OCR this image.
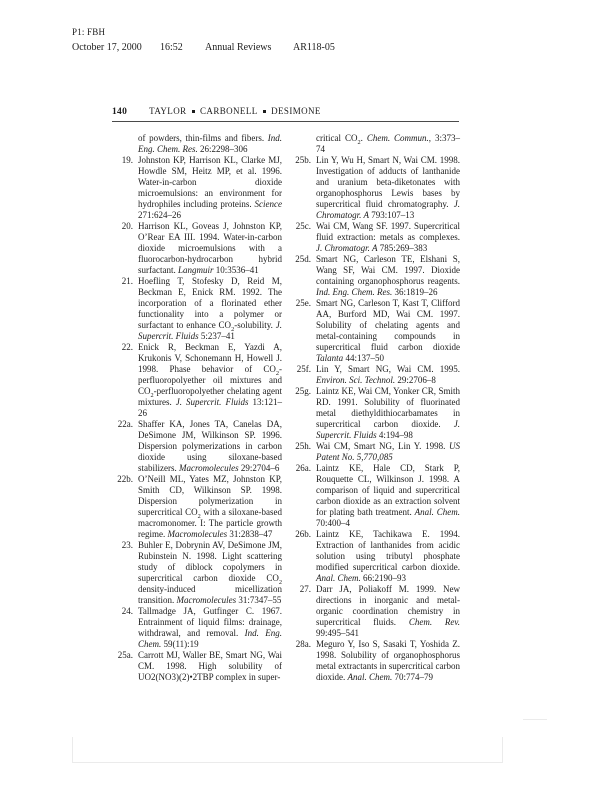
P1: FBH
October 17, 2000 16:52 Annual Reviews AR118-05
140 TAYLOR CARBONELL DESIMONE
of powders, thin-films and fibers. Ind. Eng. Chem. Res. 26:2298–306
19. Johnston KP, Harrison KL, Clarke MJ, Howdle SM, Heitz MP, et al. 1996. Water-in-carbon dioxide microemulsions: an environment for hydrophiles including proteins. Science 271:624–26
20. Harrison KL, Goveas J, Johnston KP, O’Rear EA III. 1994. Water-in-carbon dioxide microemulsions with a fluorocarbon-hydrocarbon hybrid surfactant. Langmuir 10:3536–41
21. Hoefling T, Stofesky D, Reid M, Beckman E, Enick RM. 1992. The incorporation of a florinated ether functionality into a polymer or surfactant to enhance $CO_2$-solubility. J. Supercrit. Fluids 5:237–41
22. Enick R, Beckman E, Yazdi A, Krukonis V, Schonemann H, Howell J. 1998. Phase behavior of $CO_2$-perfluoropolyether oil mixtures and $CO_2$-perfluoropolyether chelating agent mixtures. J. Supercrit. Fluids 13:121–26
22a. Shaffer KA, Jones TA, Canelas DA, DeSimone JM, Wilkinson SP. 1996. Dispersion polymerizations in carbon dioxide using siloxane-based stabilizers. Macromolecules 29:2704–6
22b. O’Neill ML, Yates MZ, Johnston KP, Smith CD, Wilkinson SP. 1998. Dispersion polymerization in supercritical $CO_2$ with a siloxane-based macromonomer. I: The particle growth regime. Macromolecules 31:2838–47
23. Buhler E, Dobrynin AV, DeSimone JM, Rubinstein N. 1998. Light scattering study of diblock copolymers in supercritical carbon dioxide $CO_2$ density-induced micellization transition. Macromolecules 31:7347–55
24. Tallmadge JA, Gutfinger C. 1967. Entrainment of liquid films: drainage, withdrawal, and removal. Ind. Eng. Chem. 59(11):19
25a. Carrott MJ, Waller BE, Smart NG, Wai CM. 1998. High solubility of UO2(NO3)(2)•2TBP complex in super-
critical $CO_2$. Chem. Commun., 3:373–74
25b. Lin Y, Wu H, Smart N, Wai CM. 1998. Investigation of adducts of lanthanide and uranium beta-diketonates with organophosphorus Lewis bases by supercritical fluid chromatography. J. Chromatogr. A 793:107–13
25c. Wai CM, Wang SF. 1997. Supercritical fluid extraction: metals as complexes. J. Chromatogr. A 785:269–383
25d. Smart NG, Carleson TE, Elshani S, Wang SF, Wai CM. 1997. Dioxide containing organophosphorus reagents. Ind. Eng. Chem. Res. 36:1819–26
25e. Smart NG, Carleson T, Kast T, Clifford AA, Burford MD, Wai CM. 1997. Solubility of chelating agents and metal-containing compounds in supercritical fluid carbon dioxide Talanta 44:137–50
25f. Lin Y, Smart NG, Wai CM. 1995. Environ. Sci. Technol. 29:2706–8
25g. Laintz KE, Wai CM, Yonker CR, Smith RD. 1991. Solubility of fluorinated metal diethyldithiocarbamates in supercritical carbon dioxide. J. Supercrit. Fluids 4:194–98
25h. Wai CM, Smart NG, Lin Y. 1998. US Patent No. 5,770,085
26a. Laintz KE, Hale CD, Stark P, Rouquette CL, Wilkinson J. 1998. A comparison of liquid and supercritical carbon dioxide as an extraction solvent for plating bath treatment. Anal. Chem. 70:400–4
26b. Laintz KE, Tachikawa E. 1994. Extraction of lanthanides from acidic solution using tributyl phosphate modified supercritical carbon dioxide. Anal. Chem. 66:2190–93
27. Darr JA, Poliakoff M. 1999. New directions in inorganic and metal-organic coordination chemistry in supercritical fluids. Chem. Rev. 99:495–541
28a. Meguro Y, Iso S, Sasaki T, Yoshida Z. 1998. Solubility of organophosphorus metal extractants in supercritical carbon dioxide. Anal. Chem. 70:774–79
